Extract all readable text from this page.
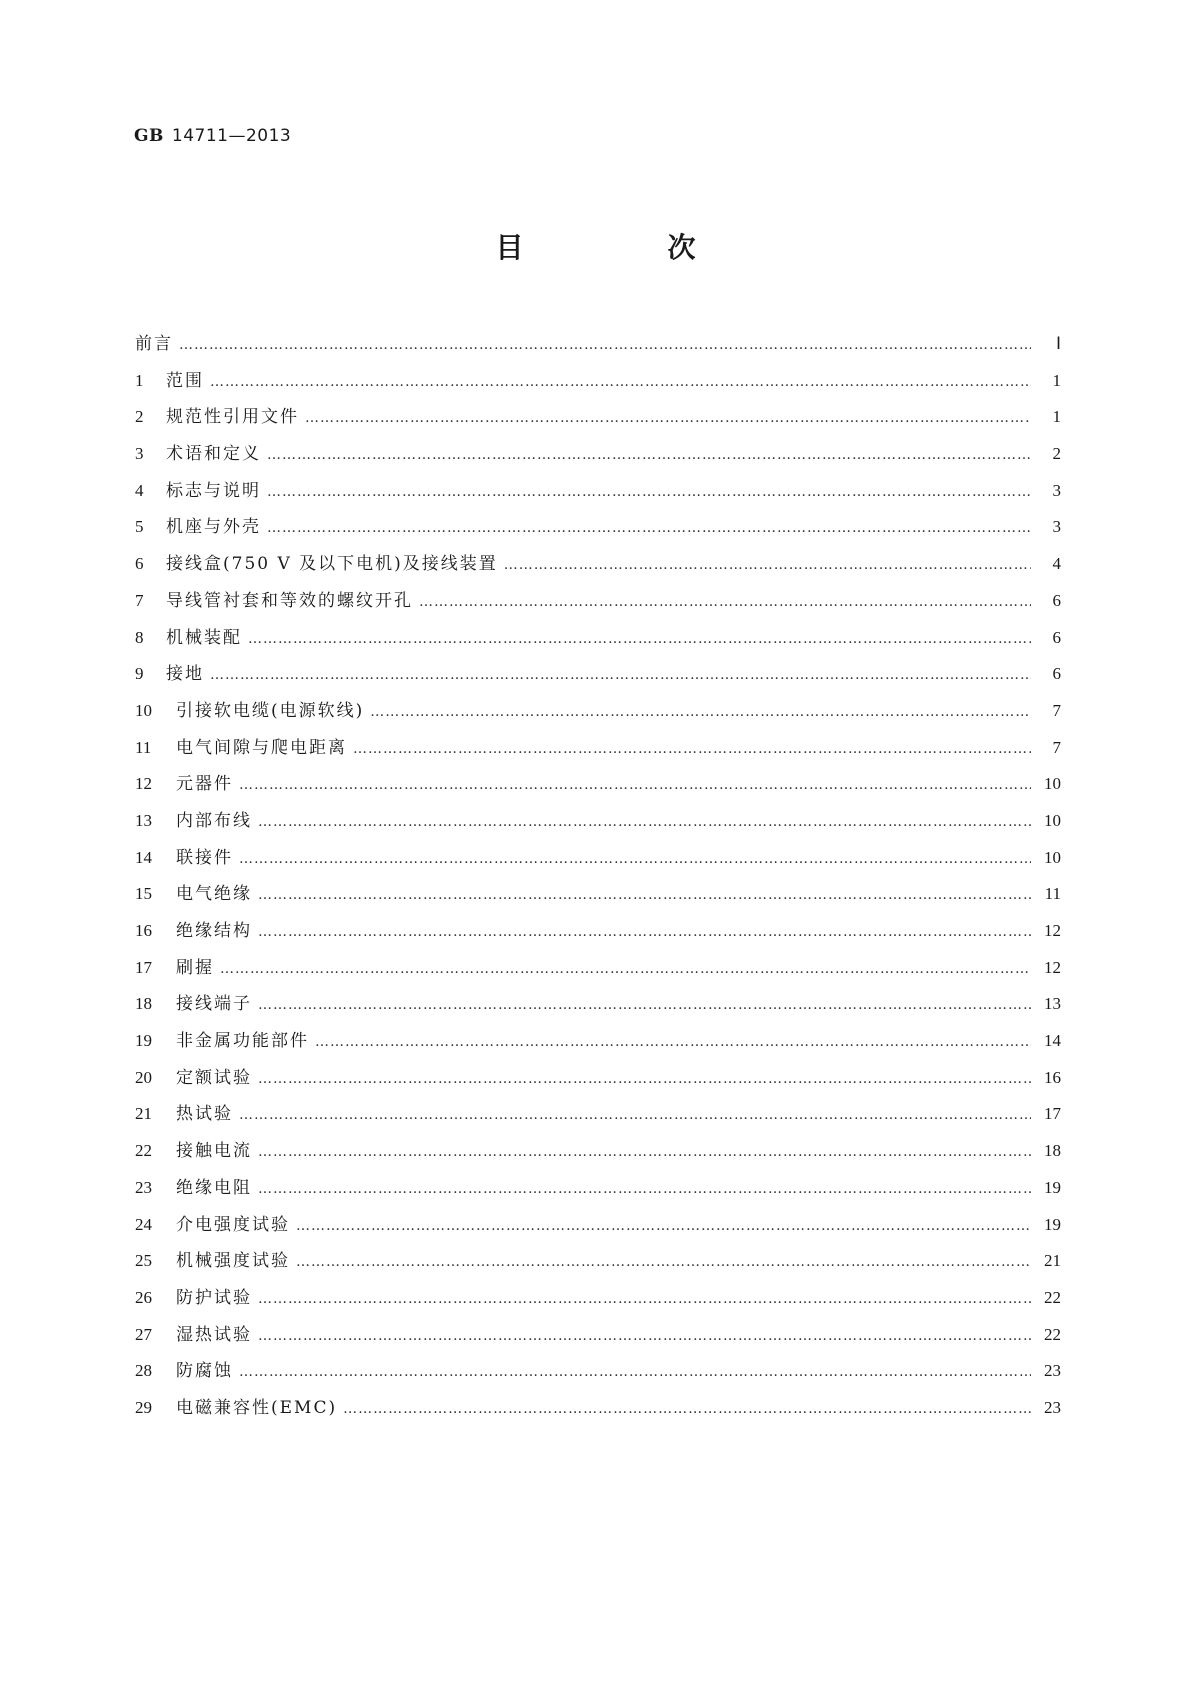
GB 14711—2013
目　次
前言 …………………………………………………………………………………………………………………………………………………………………………………………………………………………	Ⅰ
1	范围 …………………………………………………………………………………………………………………………………………………………………………………………………………………………	1
2	规范性引用文件 …………………………………………………………………………………………………………………………………………………………………………………………………………………………	1
3	术语和定义 …………………………………………………………………………………………………………………………………………………………………………………………………………………………	2
4	标志与说明 …………………………………………………………………………………………………………………………………………………………………………………………………………………………	3
5	机座与外壳 …………………………………………………………………………………………………………………………………………………………………………………………………………………………	3
6	接线盒(750 V 及以下电机)及接线装置 …………………………………………………………………………………………………………………………………………………………………………………………………………………………	4
7	导线管衬套和等效的螺纹开孔 …………………………………………………………………………………………………………………………………………………………………………………………………………………………	6
8	机械装配 …………………………………………………………………………………………………………………………………………………………………………………………………………………………	6
9	接地 …………………………………………………………………………………………………………………………………………………………………………………………………………………………	6
10	引接软电缆(电源软线) …………………………………………………………………………………………………………………………………………………………………………………………………………………………	7
11	电气间隙与爬电距离 …………………………………………………………………………………………………………………………………………………………………………………………………………………………	7
12	元器件 …………………………………………………………………………………………………………………………………………………………………………………………………………………………	10
13	内部布线 …………………………………………………………………………………………………………………………………………………………………………………………………………………………	10
14	联接件 …………………………………………………………………………………………………………………………………………………………………………………………………………………………	10
15	电气绝缘 …………………………………………………………………………………………………………………………………………………………………………………………………………………………	11
16	绝缘结构 …………………………………………………………………………………………………………………………………………………………………………………………………………………………	12
17	刷握 …………………………………………………………………………………………………………………………………………………………………………………………………………………………	12
18	接线端子 …………………………………………………………………………………………………………………………………………………………………………………………………………………………	13
19	非金属功能部件 …………………………………………………………………………………………………………………………………………………………………………………………………………………………	14
20	定额试验 …………………………………………………………………………………………………………………………………………………………………………………………………………………………	16
21	热试验 …………………………………………………………………………………………………………………………………………………………………………………………………………………………	17
22	接触电流 …………………………………………………………………………………………………………………………………………………………………………………………………………………………	18
23	绝缘电阻 …………………………………………………………………………………………………………………………………………………………………………………………………………………………	19
24	介电强度试验 …………………………………………………………………………………………………………………………………………………………………………………………………………………………	19
25	机械强度试验 …………………………………………………………………………………………………………………………………………………………………………………………………………………………	21
26	防护试验 …………………………………………………………………………………………………………………………………………………………………………………………………………………………	22
27	湿热试验 …………………………………………………………………………………………………………………………………………………………………………………………………………………………	22
28	防腐蚀 …………………………………………………………………………………………………………………………………………………………………………………………………………………………	23
29	电磁兼容性(EMC) …………………………………………………………………………………………………………………………………………………………………………………………………………………………	23
